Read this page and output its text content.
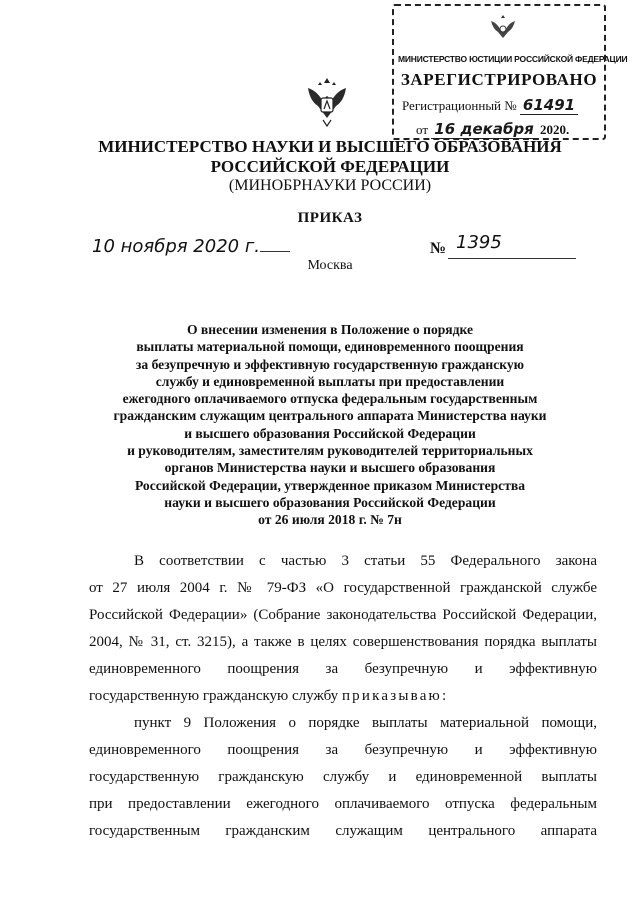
МИНИСТЕРСТВО ЮСТИЦИИ РОССИЙСКОЙ ФЕДЕРАЦИИ
ЗАРЕГИСТРИРОВАНО
Регистрационный № 61491
от 16 декабря 2020.
МИНИСТЕРСТВО НАУКИ И ВЫСШЕГО ОБРАЗОВАНИЯ
РОССИЙСКОЙ ФЕДЕРАЦИИ
(МИНОБРНАУКИ РОССИИ)
ПРИКАЗ
10 ноября 2020 г.	№ 1395
Москва
О внесении изменения в Положение о порядке
выплаты материальной помощи, единовременного поощрения
за безупречную и эффективную государственную гражданскую
службу и единовременной выплаты при предоставлении
ежегодного оплачиваемого отпуска федеральным государственным
гражданским служащим центрального аппарата Министерства науки
и высшего образования Российской Федерации
и руководителям, заместителям руководителей территориальных
органов Министерства науки и высшего образования
Российской Федерации, утвержденное приказом Министерства
науки и высшего образования Российской Федерации
от 26 июля 2018 г. № 7н
В соответствии с частью 3 статьи 55 Федерального закона
от 27 июля 2004 г. № 79-ФЗ «О государственной гражданской службе
Российской Федерации» (Собрание законодательства Российской Федерации,
2004, № 31, ст. 3215), а также в целях совершенствования порядка выплаты
единовременного поощрения за безупречную и эффективную
государственную гражданскую службу приказываю:
пункт 9 Положения о порядке выплаты материальной помощи,
единовременного поощрения за безупречную и эффективную
государственную гражданскую службу и единовременной выплаты
при предоставлении ежегодного оплачиваемого отпуска федеральным
государственным гражданским служащим центрального аппарата
